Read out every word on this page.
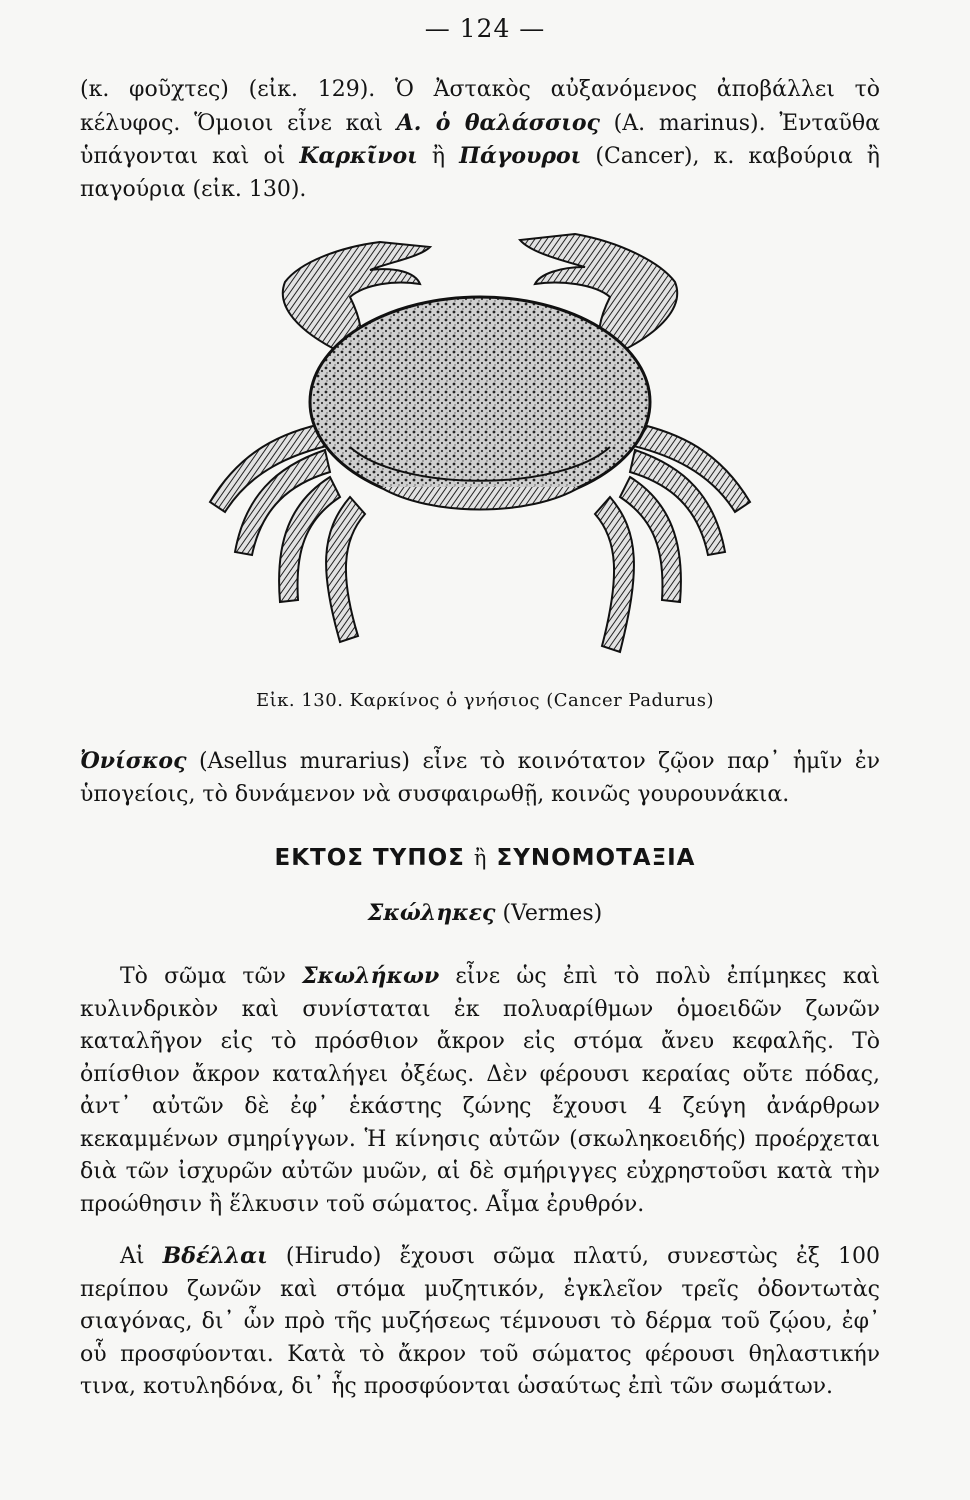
— 124 —

(κ. φοῦχτες) (εἰκ. 129). Ὁ Ἀστακὸς αὐξανόμενος ἀποβάλλει τὸ κέλυφος. Ὅμοιοι εἶνε καὶ Α. ὁ θαλάσσιος (A. marinus). Ἐνταῦθα ὑπάγονται καὶ οἱ Καρκῖνοι ἢ Πάγουροι (Cancer), κ. καβούρια ἢ παγούρια (εἰκ. 130).

Εἰκ. 130. Καρκίνος ὁ γνήσιος (Cancer Padurus)

Ὀνίσκος (Asellus murarius) εἶνε τὸ κοινότατον ζῷον παρ᾽ ἡμῖν ἐν ὑπογείοις, τὸ δυνάμενον νὰ συσφαιρωθῇ, κοινῶς γουρουνάκια.

ΕΚΤΟΣ ΤΥΠΟΣ ἢ ΣΥΝΟΜΟΤΑΞΙΑ
Σκώληκες (Vermes)

Τὸ σῶμα τῶν Σκωλήκων εἶνε ὡς ἐπὶ τὸ πολὺ ἐπίμηκες καὶ κυλινδρικὸν καὶ συνίσταται ἐκ πολυαρίθμων ὁμοειδῶν ζωνῶν καταλῆγον εἰς τὸ πρόσθιον ἄκρον εἰς στόμα ἄνευ κεφαλῆς. Τὸ ὀπίσθιον ἄκρον καταλήγει ὀξέως. Δὲν φέρουσι κεραίας οὔτε πόδας, ἀντ᾽ αὐτῶν δὲ ἐφ᾽ ἑκάστης ζώνης ἔχουσι 4 ζεύγη ἀνάρθρων κεκαμμένων σμηρίγγων. Ἡ κίνησις αὐτῶν (σκωληκοειδής) προέρχεται διὰ τῶν ἰσχυρῶν αὐτῶν μυῶν, αἱ δὲ σμήριγγες εὐχρηστοῦσι κατὰ τὴν προώθησιν ἢ ἕλκυσιν τοῦ σώματος. Αἷμα ἐρυθρόν.

Αἱ Βδέλλαι (Hirudo) ἔχουσι σῶμα πλατύ, συνεστὼς ἐξ 100 περίπου ζωνῶν καὶ στόμα μυζητικόν, ἐγκλεῖον τρεῖς ὀδοντωτὰς σιαγόνας, δι᾽ ὧν πρὸ τῆς μυζήσεως τέμνουσι τὸ δέρμα τοῦ ζῴου, ἐφ᾽ οὗ προσφύονται. Κατὰ τὸ ἄκρον τοῦ σώματος φέρουσι θηλαστικήν τινα, κοτυληδόνα, δι᾽ ἧς προσφύονται ὡσαύτως ἐπὶ τῶν σωμάτων.
